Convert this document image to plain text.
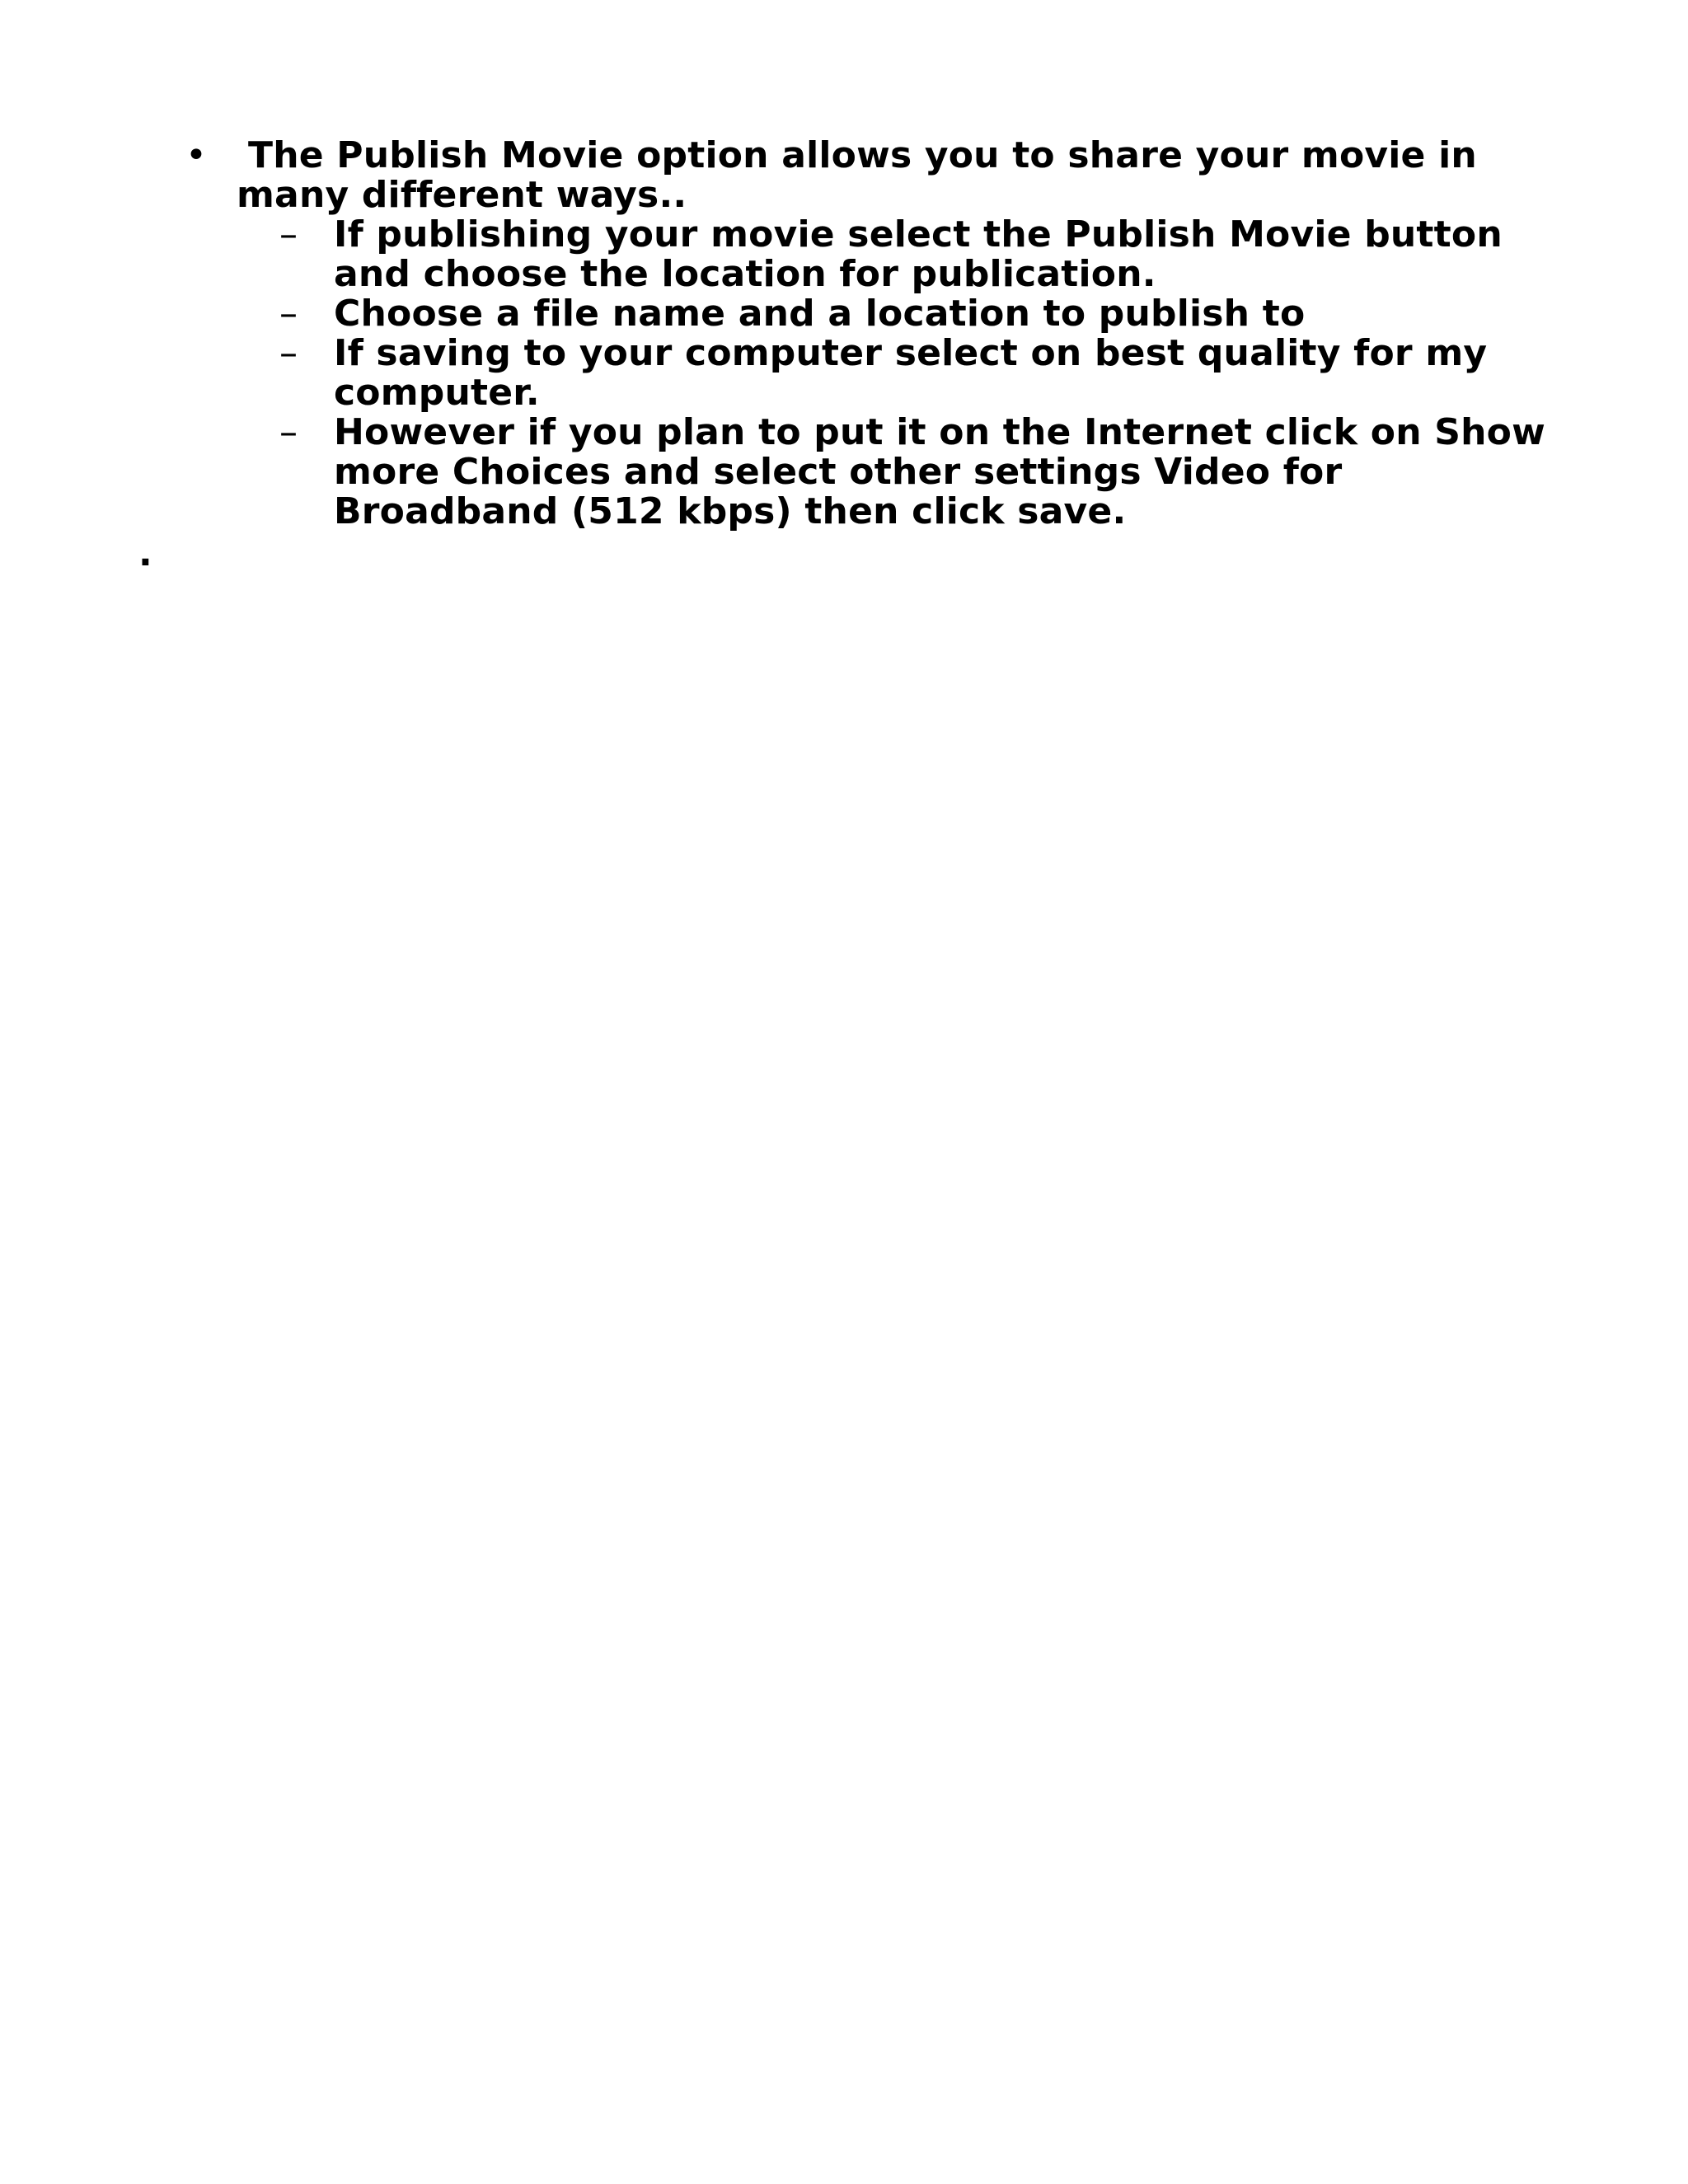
•	The Publish Movie option allows you to share your movie in many different ways..
– If publishing your movie select the Publish Movie button and choose the location for publication.
– Choose a file name and a location to publish to
– If saving to your computer select on best quality for my computer.
– However if you plan to put it on the Internet click on Show more Choices and select other settings Video for Broadband (512 kbps) then click save.
.
